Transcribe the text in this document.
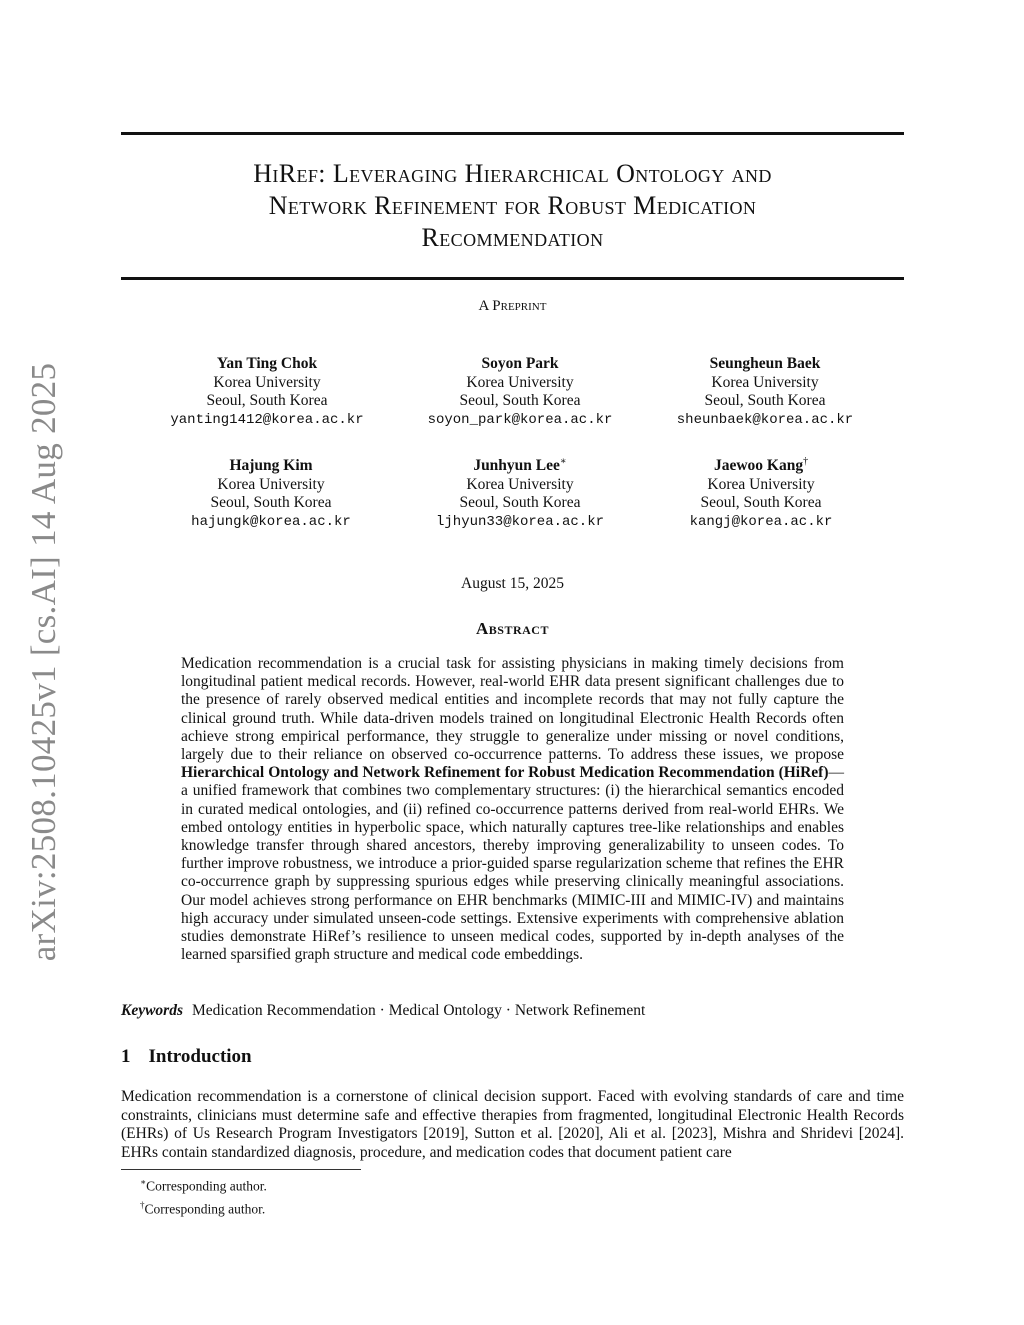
arXiv:2508.10425v1 [cs.AI] 14 Aug 2025
HiRef: Leveraging Hierarchical Ontology and
Network Refinement for Robust Medication
Recommendation
A Preprint
Yan Ting Chok
Korea University
Seoul, South Korea
yanting1412@korea.ac.kr
Soyon Park
Korea University
Seoul, South Korea
soyon_park@korea.ac.kr
Seungheun Baek
Korea University
Seoul, South Korea
sheunbaek@korea.ac.kr
Hajung Kim
Korea University
Seoul, South Korea
hajungk@korea.ac.kr
Junhyun Lee∗
Korea University
Seoul, South Korea
ljhyun33@korea.ac.kr
Jaewoo Kang†
Korea University
Seoul, South Korea
kangj@korea.ac.kr
August 15, 2025
Abstract
Medication recommendation is a crucial task for assisting physicians in making timely decisions from longitudinal patient medical records. However, real-world EHR data present significant challenges due to the presence of rarely observed medical entities and incomplete records that may not fully capture the clinical ground truth. While data-driven models trained on longitudinal Electronic Health Records often achieve strong empirical performance, they struggle to generalize under missing or novel conditions, largely due to their reliance on observed co-occurrence patterns. To address these issues, we propose Hierarchical Ontology and Network Refinement for Robust Medication Recommendation (HiRef)—a unified framework that combines two complementary structures: (i) the hierarchical semantics encoded in curated medical ontologies, and (ii) refined co-occurrence patterns derived from real-world EHRs. We embed ontology entities in hyperbolic space, which naturally captures tree-like relationships and enables knowledge transfer through shared ancestors, thereby improving generalizability to unseen codes. To further improve robustness, we introduce a prior-guided sparse regularization scheme that refines the EHR co-occurrence graph by suppressing spurious edges while preserving clinically meaningful associations. Our model achieves strong performance on EHR benchmarks (MIMIC-III and MIMIC-IV) and maintains high accuracy under simulated unseen-code settings. Extensive experiments with comprehensive ablation studies demonstrate HiRef’s resilience to unseen medical codes, supported by in-depth analyses of the learned sparsified graph structure and medical code embeddings.
Keywords Medication Recommendation · Medical Ontology · Network Refinement
1 Introduction
Medication recommendation is a cornerstone of clinical decision support. Faced with evolving standards of care and time constraints, clinicians must determine safe and effective therapies from fragmented, longitudinal Electronic Health Records (EHRs) of Us Research Program Investigators [2019], Sutton et al. [2020], Ali et al. [2023], Mishra and Shridevi [2024]. EHRs contain standardized diagnosis, procedure, and medication codes that document patient care
∗Corresponding author.
†Corresponding author.
